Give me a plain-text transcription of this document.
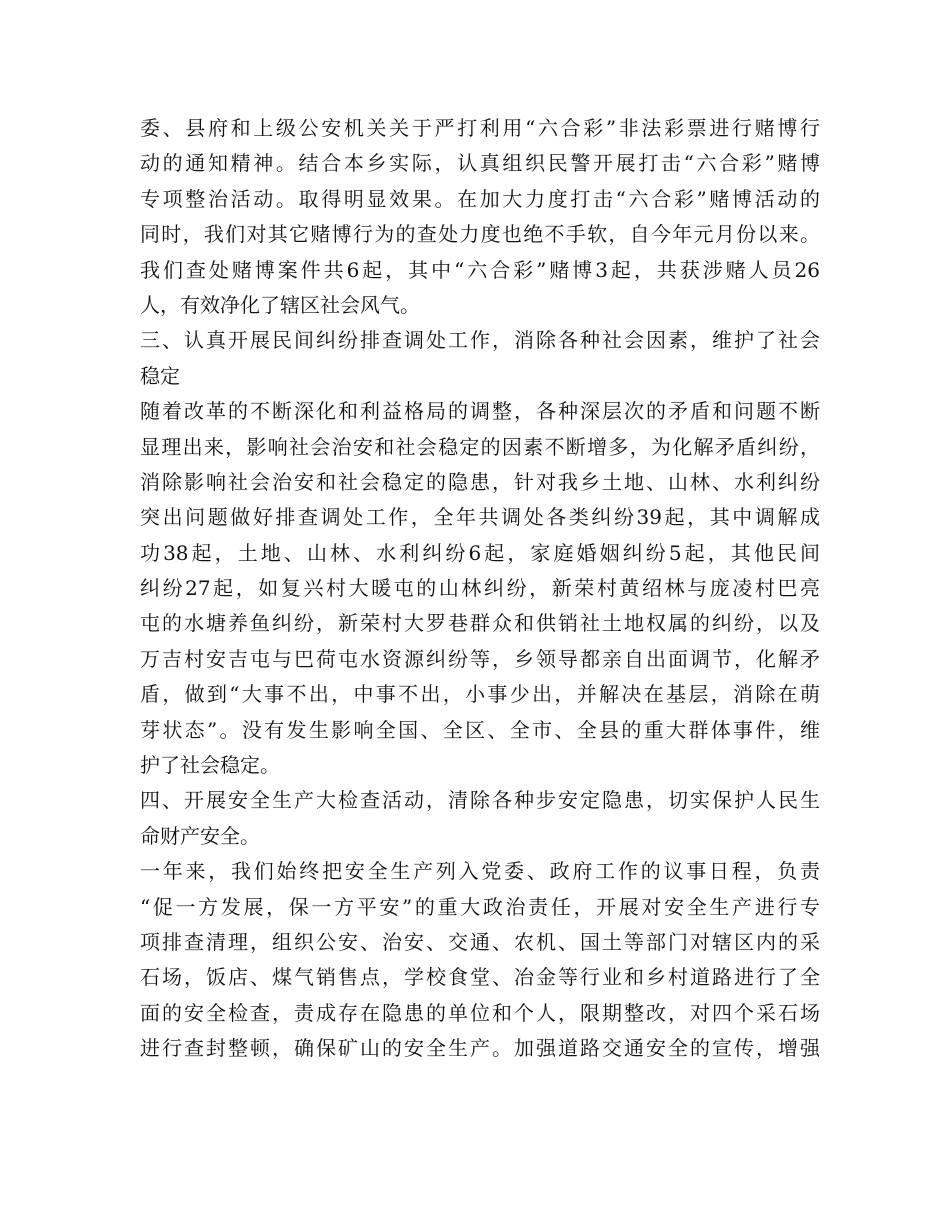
委、县府和上级公安机关关于严打利用“六合彩”非法彩票进行赌博行
动的通知精神。结合本乡实际，认真组织民警开展打击“六合彩”赌博
专项整治活动。取得明显效果。在加大力度打击“六合彩”赌博活动的
同时，我们对其它赌博行为的查处力度也绝不手软，自今年元月份以来。
我们查处赌博案件共6起，其中“六合彩”赌博3起，共获涉赌人员26
人，有效净化了辖区社会风气。
三、认真开展民间纠纷排查调处工作，消除各种社会因素，维护了社会
稳定
随着改革的不断深化和利益格局的调整，各种深层次的矛盾和问题不断
显理出来，影响社会治安和社会稳定的因素不断增多，为化解矛盾纠纷，
消除影响社会治安和社会稳定的隐患，针对我乡土地、山林、水利纠纷
突出问题做好排查调处工作，全年共调处各类纠纷39起，其中调解成
功38起，土地、山林、水利纠纷6起，家庭婚姻纠纷5起，其他民间
纠纷27起，如复兴村大暖屯的山林纠纷，新荣村黄绍林与庞凌村巴亮
屯的水塘养鱼纠纷，新荣村大罗巷群众和供销社土地权属的纠纷，以及
万吉村安吉屯与巴荷屯水资源纠纷等，乡领导都亲自出面调节，化解矛
盾，做到“大事不出，中事不出，小事少出，并解决在基层，消除在萌
芽状态”。没有发生影响全国、全区、全市、全县的重大群体事件，维
护了社会稳定。
四、开展安全生产大检查活动，清除各种步安定隐患，切实保护人民生
命财产安全。
一年来，我们始终把安全生产列入党委、政府工作的议事日程，负责
“促一方发展，保一方平安”的重大政治责任，开展对安全生产进行专
项排查清理，组织公安、治安、交通、农机、国土等部门对辖区内的采
石场，饭店、煤气销售点，学校食堂、冶金等行业和乡村道路进行了全
面的安全检查，责成存在隐患的单位和个人，限期整改，对四个采石场
进行查封整顿，确保矿山的安全生产。加强道路交通安全的宣传，增强
